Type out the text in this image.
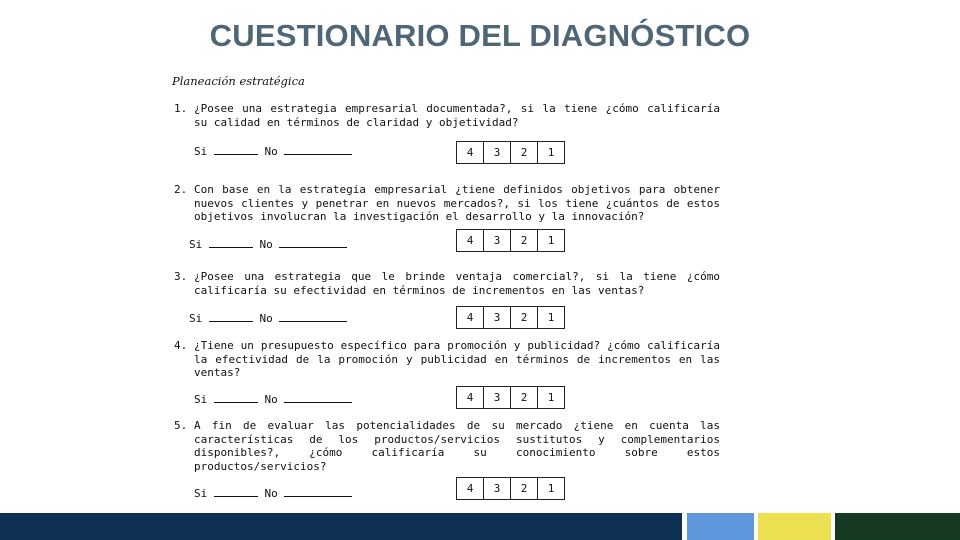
CUESTIONARIO DEL DIAGNÓSTICO
Planeación estratégica
1. ¿Posee una estrategia empresarial documentada?, si la tiene ¿cómo calificaría su calidad en términos de claridad y objetividad?
Si	No	4	3	2	1
2. Con base en la estrategia empresarial ¿tiene definidos objetivos para obtener nuevos clientes y penetrar en nuevos mercados?, si los tiene ¿cuántos de estos objetivos involucran la investigación el desarrollo y la innovación?
Si	No	4	3	2	1
3. ¿Posee una estrategia que le brinde ventaja comercial?, si la tiene ¿cómo calificaría su efectividad en términos de incrementos en las ventas?
Si	No	4	3	2	1
4. ¿Tiene un presupuesto específico para promoción y publicidad? ¿cómo calificaría la efectividad de la promoción y publicidad en términos de incrementos en las ventas?
Si	No	4	3	2	1
5. A fin de evaluar las potencialidades de su mercado ¿tiene en cuenta las características de los productos/servicios sustitutos y complementarios disponibles?, ¿cómo calificaría su conocimiento sobre estos productos/servicios?
Si	No	4	3	2	1
